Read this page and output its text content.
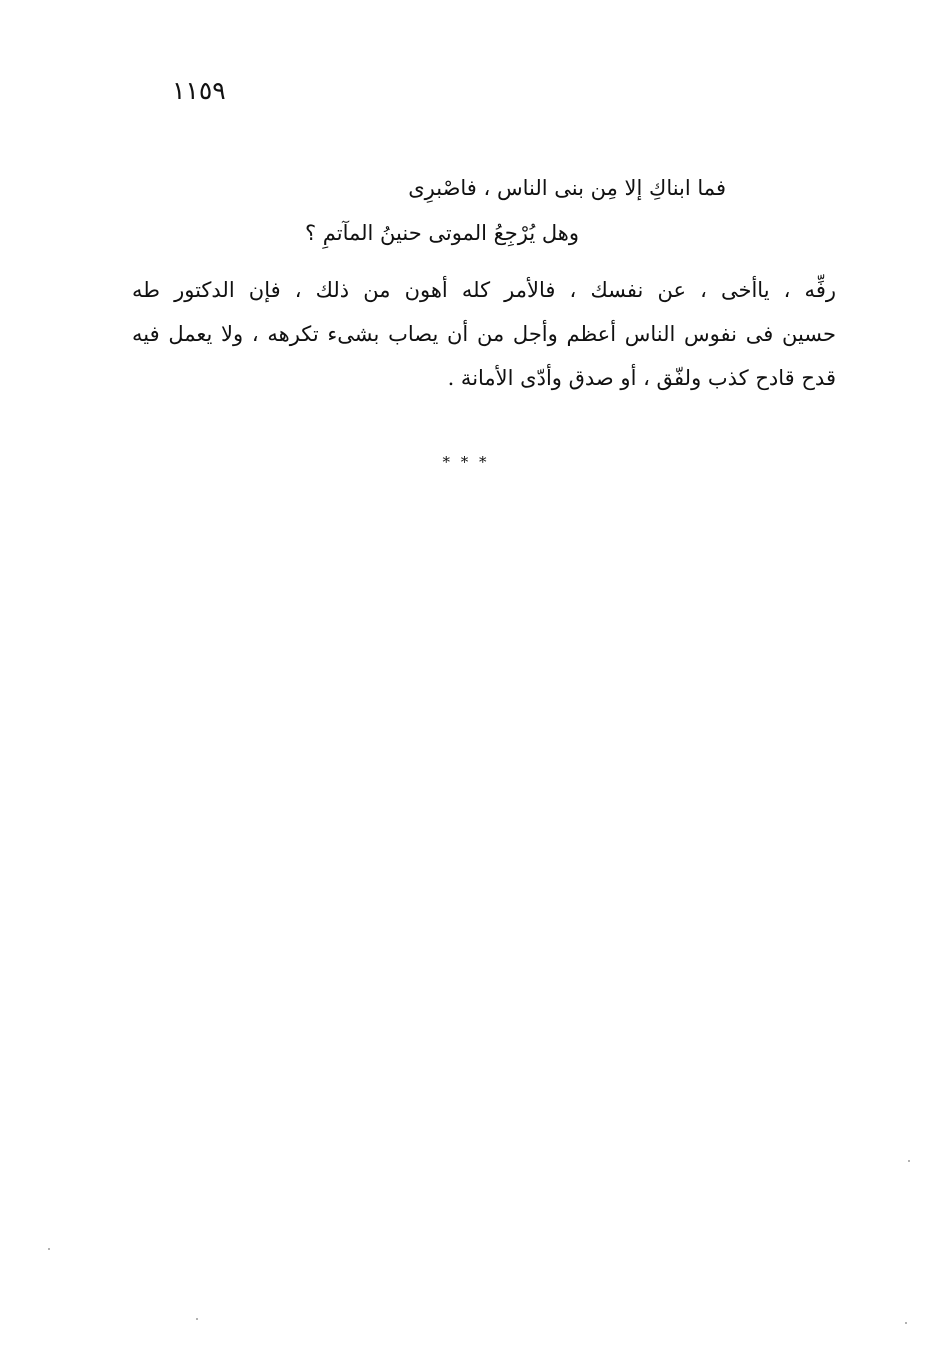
١١٥٩
فما ابناكِ إلا مِن بنى الناس ، فاصْبرِى
وهل يُرْجِعُ الموتى حنينُ المآتمِ ؟
رفِّه ، ياأخى ، عن نفسك ، فالأمر كله أهون من ذلك ، فإن الدكتور طه
حسين فى نفوس الناس أعظم وأجل من أن يصاب بشىء تكرهه ، ولا يعمل فيه
قدح قادح كذب ولفّق ، أو صدق وأدّى الأمانة .
* * *
